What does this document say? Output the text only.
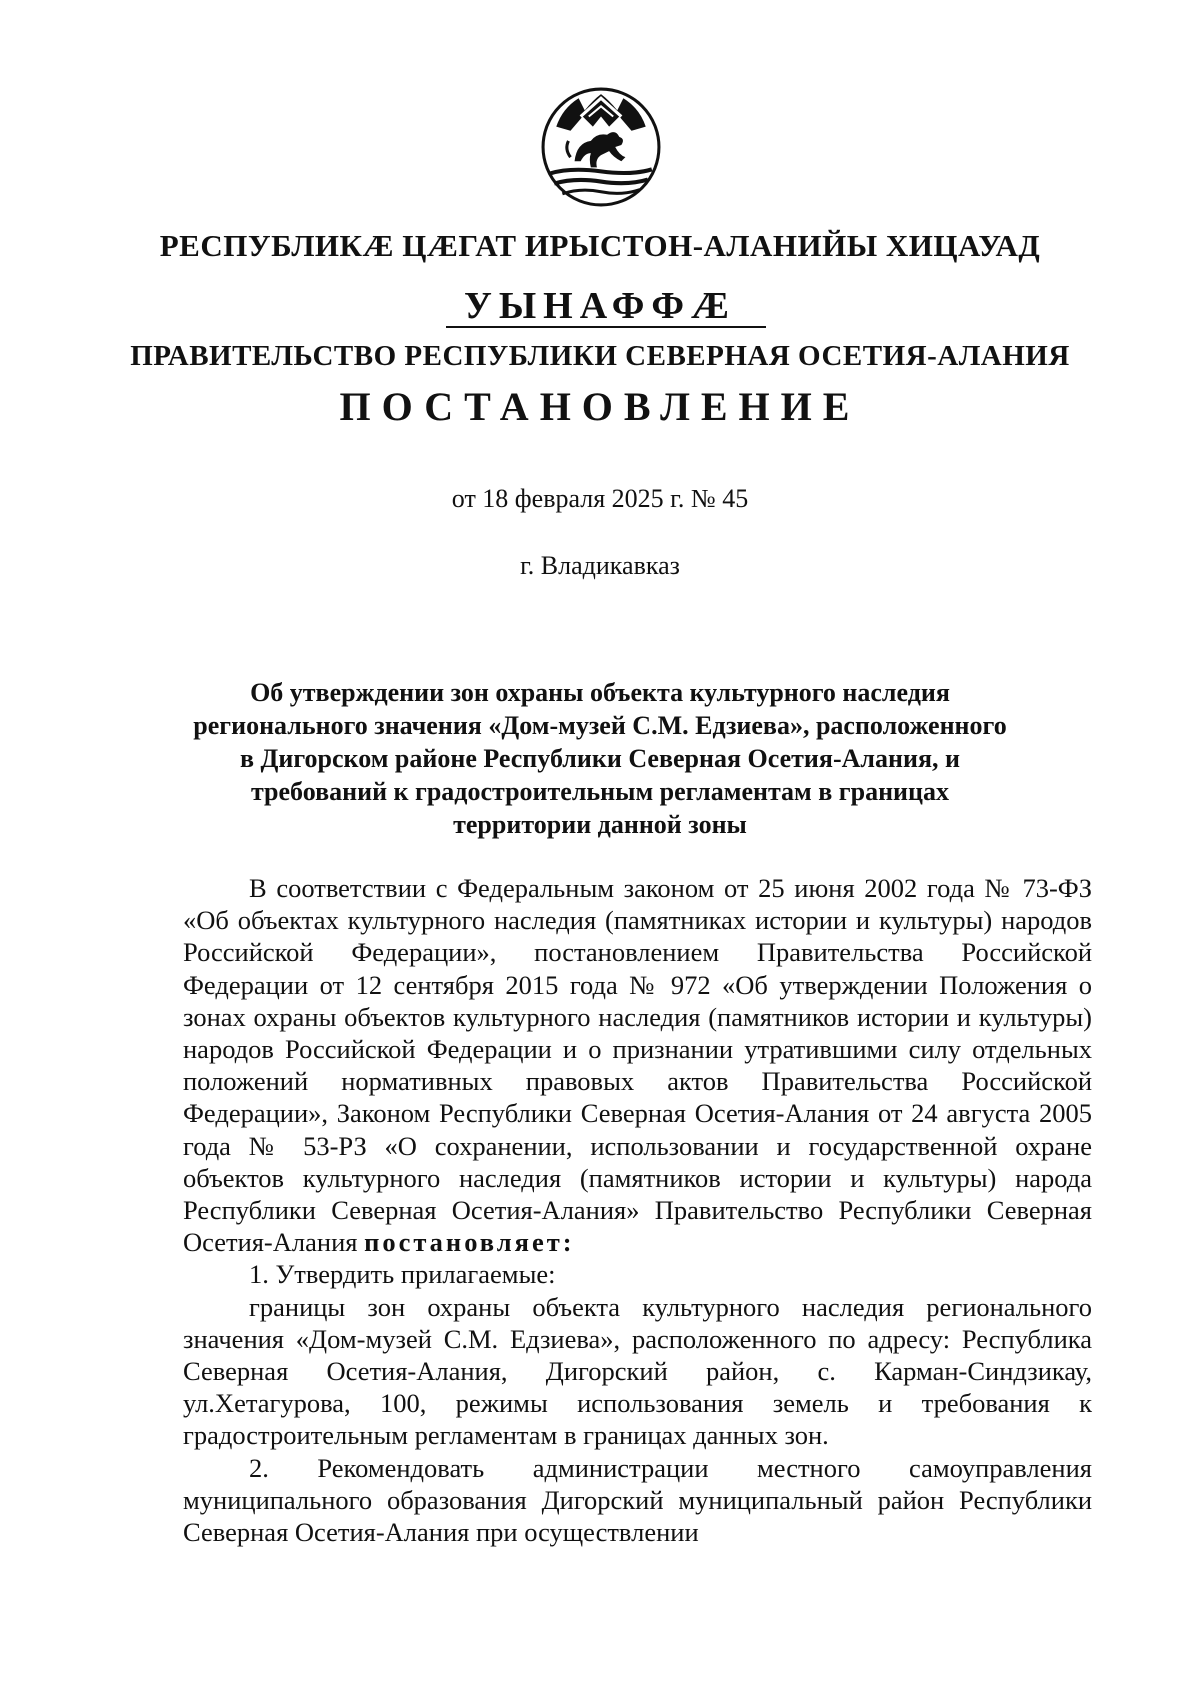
РЕСПУБЛИКӔ ЦӔГАТ ИРЫСТОН-АЛАНИЙЫ ХИЦАУАД
УЫНАФФӔ
ПРАВИТЕЛЬСТВО РЕСПУБЛИКИ СЕВЕРНАЯ ОСЕТИЯ-АЛАНИЯ
ПОСТАНОВЛЕНИЕ
от 18 февраля 2025 г. № 45
г. Владикавказ
Об утверждении зон охраны объекта культурного наследия
регионального значения «Дом-музей С.М. Едзиева», расположенного
в Дигорском районе Республики Северная Осетия-Алания, и
требований к градостроительным регламентам в границах
территории данной зоны

В соответствии с Федеральным законом от 25 июня 2002 года № 73-ФЗ «Об объектах культурного наследия (памятниках истории и культуры) народов Российской Федерации», постановлением Правительства Российской Федерации от 12 сентября 2015 года № 972 «Об утверждении Положения о зонах охраны объектов культурного наследия (памятников истории и культуры) народов Российской Федерации и о признании утратившими силу отдельных положений нормативных правовых актов Правительства Российской Федерации», Законом Республики Северная Осетия-Алания от 24 августа 2005 года № 53-РЗ «О сохранении, использовании и государственной охране объектов культурного наследия (памятников истории и культуры) народа Республики Северная Осетия-Алания» Правительство Республики Северная Осетия-Алания постановляет:

1. Утвердить прилагаемые:

границы зон охраны объекта культурного наследия регионального значения «Дом-музей С.М. Едзиева», расположенного по адресу: Республика Северная Осетия-Алания, Дигорский район, с. Карман-Синдзикау, ул.Хетагурова, 100, режимы использования земель и требования к градостроительным регламентам в границах данных зон.

2. Рекомендовать администрации местного самоуправления муниципального образования Дигорский муниципальный район Республики Северная Осетия-Алания при осуществлении
